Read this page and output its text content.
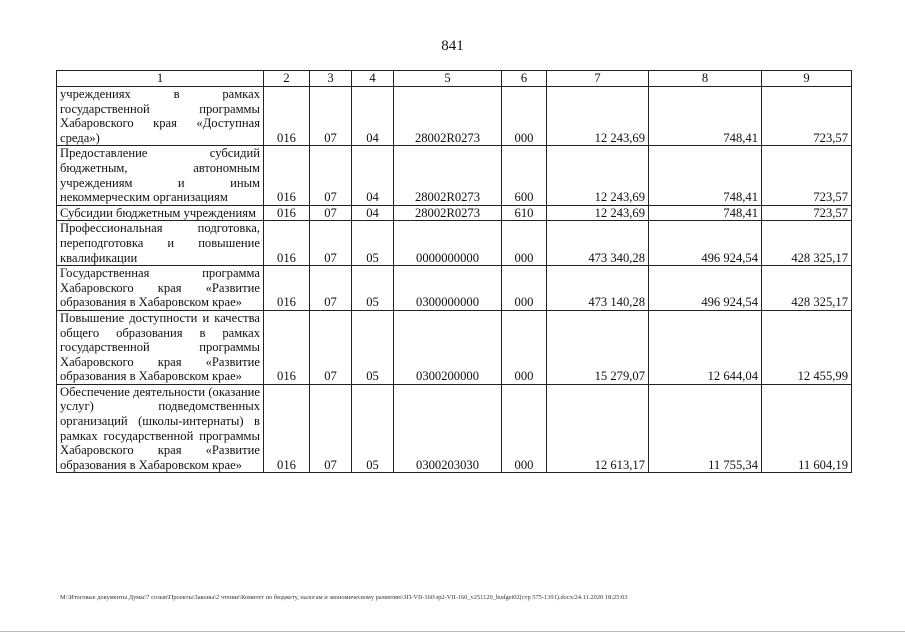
841
1	2	3	4	5	6	7	8	9
учреждениях в рамках государственной программы Хабаровского края «Доступная среда»)	016	07	04	28002R0273	000	12 243,69	748,41	723,57
Предоставление субсидий бюджетным, автономным учреждениям и иным некоммерческим организациям	016	07	04	28002R0273	600	12 243,69	748,41	723,57
Субсидии бюджетным учреждениям	016	07	04	28002R0273	610	12 243,69	748,41	723,57
Профессиональная подготовка, переподготовка и повышение квалификации	016	07	05	0000000000	000	473 340,28	496 924,54	428 325,17
Государственная программа Хабаровского края «Развитие образования в Хабаровском крае»	016	07	05	0300000000	000	473 140,28	496 924,54	428 325,17
Повышение доступности и качества общего образования в рамках государственной программы Хабаровского края «Развитие образования в Хабаровском крае»	016	07	05	0300200000	000	15 279,07	12 644,04	12 455,99
Обеспечение деятельности (оказание услуг) подведомственных организаций (школы-интернаты) в рамках государственной программы Хабаровского края «Развитие образования в Хабаровском крае»	016	07	05	0300203030	000	12 613,17	11 755,34	11 604,19
M:\Итоговые документы Думы\7 созыв\Проекты\Законы\2 чтение\Комитет по бюджету, налогам и экономическому развитию\ЗП-VII-160\зр2-VII-160_v251120_budget02(стр 575-1391).docx/24.11.2020 18:25:03
